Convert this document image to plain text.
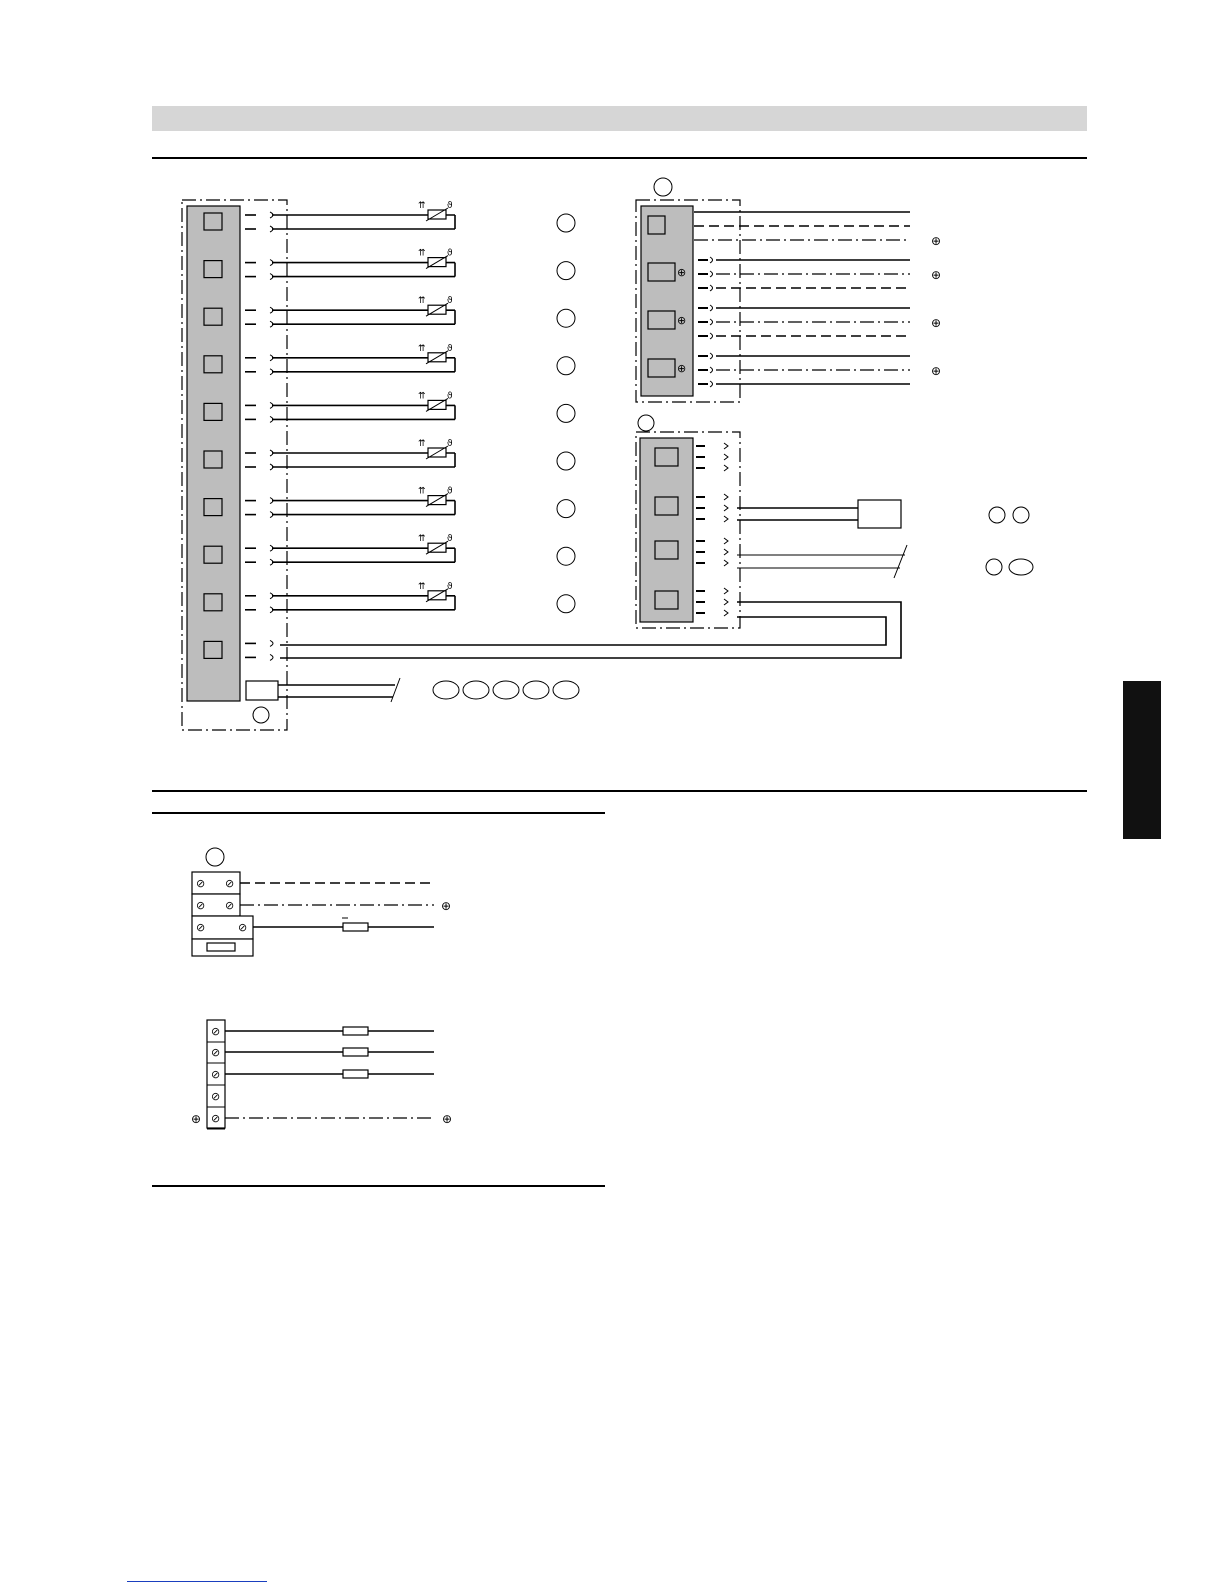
⇈ ϑ
⇈ ϑ
⇈ ϑ
⇈ ϑ
⇈ ϑ
⇈ ϑ
⇈ ϑ
⇈ ϑ
⇈ ϑ
⊕
⊕
⊕
⊕
⊕
⊕
⊕
⊘ ⊘
⊘ ⊘
⊘	⊘
⊕
⊘
⊘
⊘
⊘
⊘
⊕	⊕
